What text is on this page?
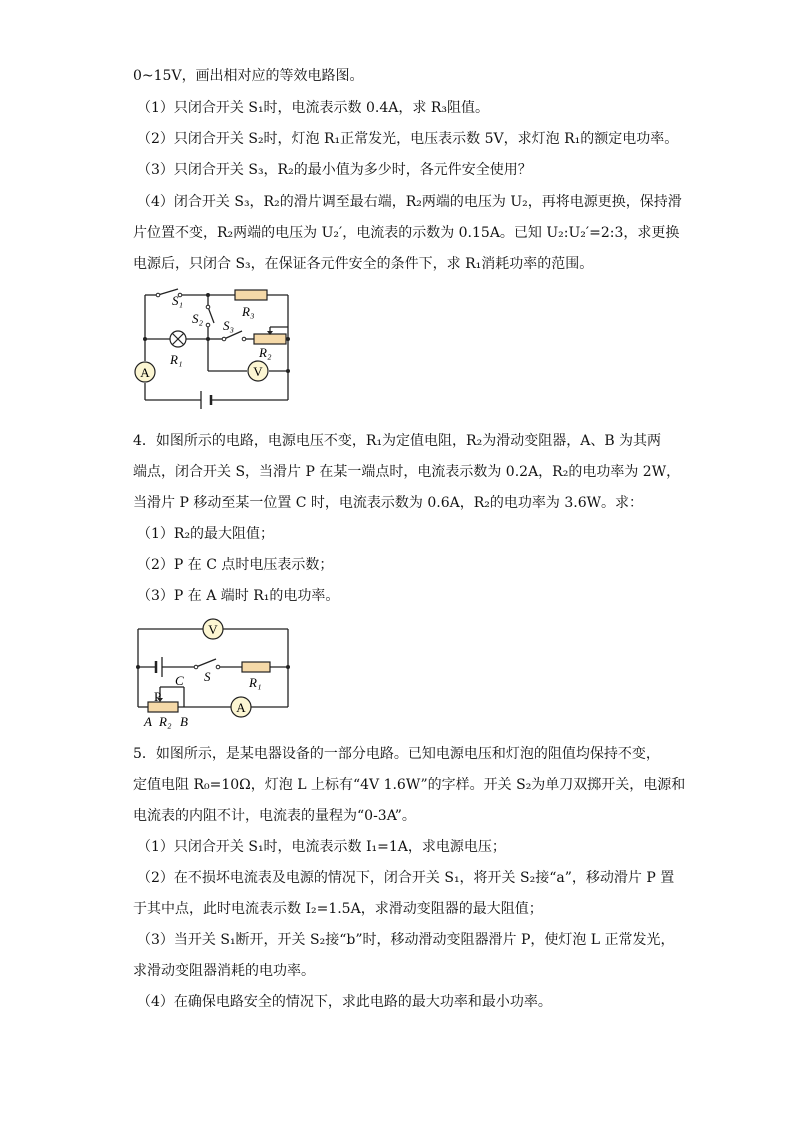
0~15V，画出相对应的等效电路图。
（1）只闭合开关 S₁时，电流表示数 0.4A，求 R₃阻值。
（2）只闭合开关 S₂时，灯泡 R₁正常发光，电压表示数 5V，求灯泡 R₁的额定电功率。
（3）只闭合开关 S₃，R₂的最小值为多少时，各元件安全使用？
（4）闭合开关 S₃，R₂的滑片调至最右端，R₂两端的电压为 U₂，再将电源更换，保持滑
片位置不变，R₂两端的电压为 U₂′，电流表的示数为 0.15A。已知 U₂:U₂′=2:3，求更换
电源后，只闭合 S₃，在保证各元件安全的条件下，求 R₁消耗功率的范围。
A	V
S₁
S₂ S₃
R₃
R₂
R₁
4．如图所示的电路，电源电压不变，R₁为定值电阻，R₂为滑动变阻器，A、B 为其两
端点，闭合开关 S，当滑片 P 在某一端点时，电流表示数为 0.2A，R₂的电功率为 2W，
当滑片 P 移动至某一位置 C 时，电流表示数为 0.6A，R₂的电功率为 3.6W。求：
（1）R₂的最大阻值；
（2）P 在 C 点时电压表示数；
（3）P 在 A 端时 R₁的电功率。
V
A
S	R₁
C
P
A R₂ B
5．如图所示，是某电器设备的一部分电路。已知电源电压和灯泡的阻值均保持不变，
定值电阻 R₀=10Ω，灯泡 L 上标有“4V 1.6W”的字样。开关 S₂为单刀双掷开关，电源和
电流表的内阻不计，电流表的量程为“0-3A”。
（1）只闭合开关 S₁时，电流表示数 I₁=1A，求电源电压；
（2）在不损坏电流表及电源的情况下，闭合开关 S₁，将开关 S₂接“a”，移动滑片 P 置
于其中点，此时电流表示数 I₂=1.5A，求滑动变阻器的最大阻值；
（3）当开关 S₁断开，开关 S₂接“b”时，移动滑动变阻器滑片 P，使灯泡 L 正常发光，
求滑动变阻器消耗的电功率。
（4）在确保电路安全的情况下，求此电路的最大功率和最小功率。
